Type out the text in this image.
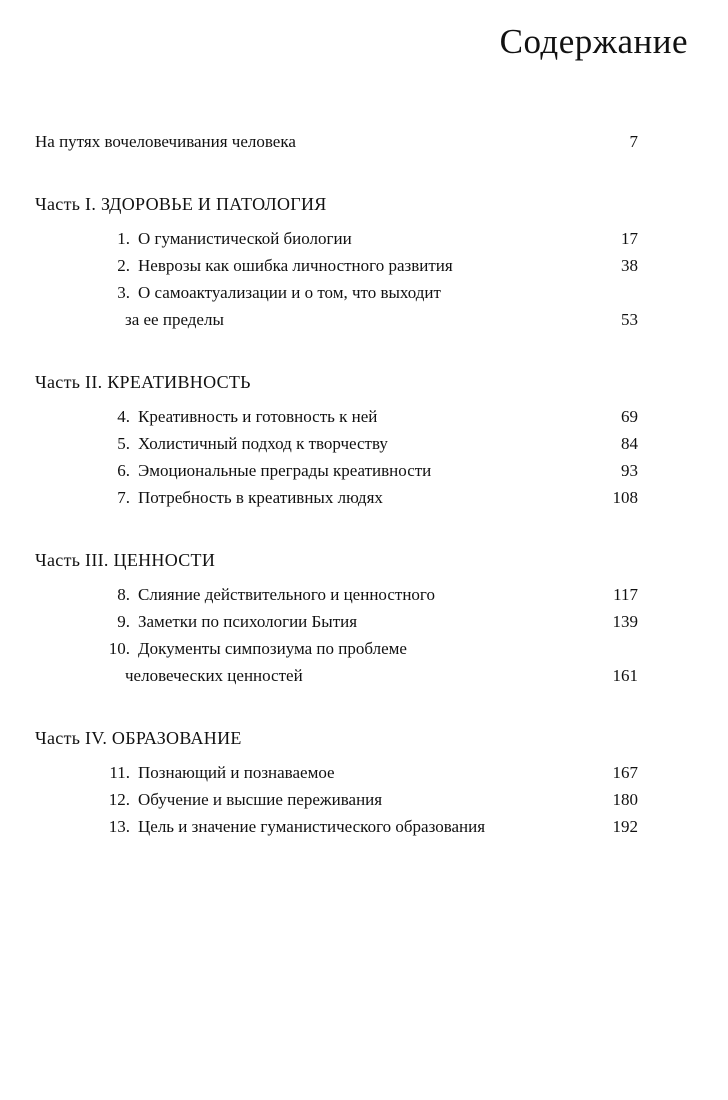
Содержание
На путях вочеловечивания человека	7
Часть I. ЗДОРОВЬЕ И ПАТОЛОГИЯ
1. О гуманистической биологии	17
2. Неврозы как ошибка личностного развития	38
3. О самоактуализации и о том, что выходит
за ее пределы	53
Часть II. КРЕАТИВНОСТЬ
4. Креативность и готовность к ней	69
5. Холистичный подход к творчеству	84
6. Эмоциональные преграды креативности	93
7. Потребность в креативных людях	108
Часть III. ЦЕННОСТИ
8. Слияние действительного и ценностного	117
9. Заметки по психологии Бытия	139
10. Документы симпозиума по проблеме
человеческих ценностей	161
Часть IV. ОБРАЗОВАНИЕ
11. Познающий и познаваемое	167
12. Обучение и высшие переживания	180
13. Цель и значение гуманистического образования	192
